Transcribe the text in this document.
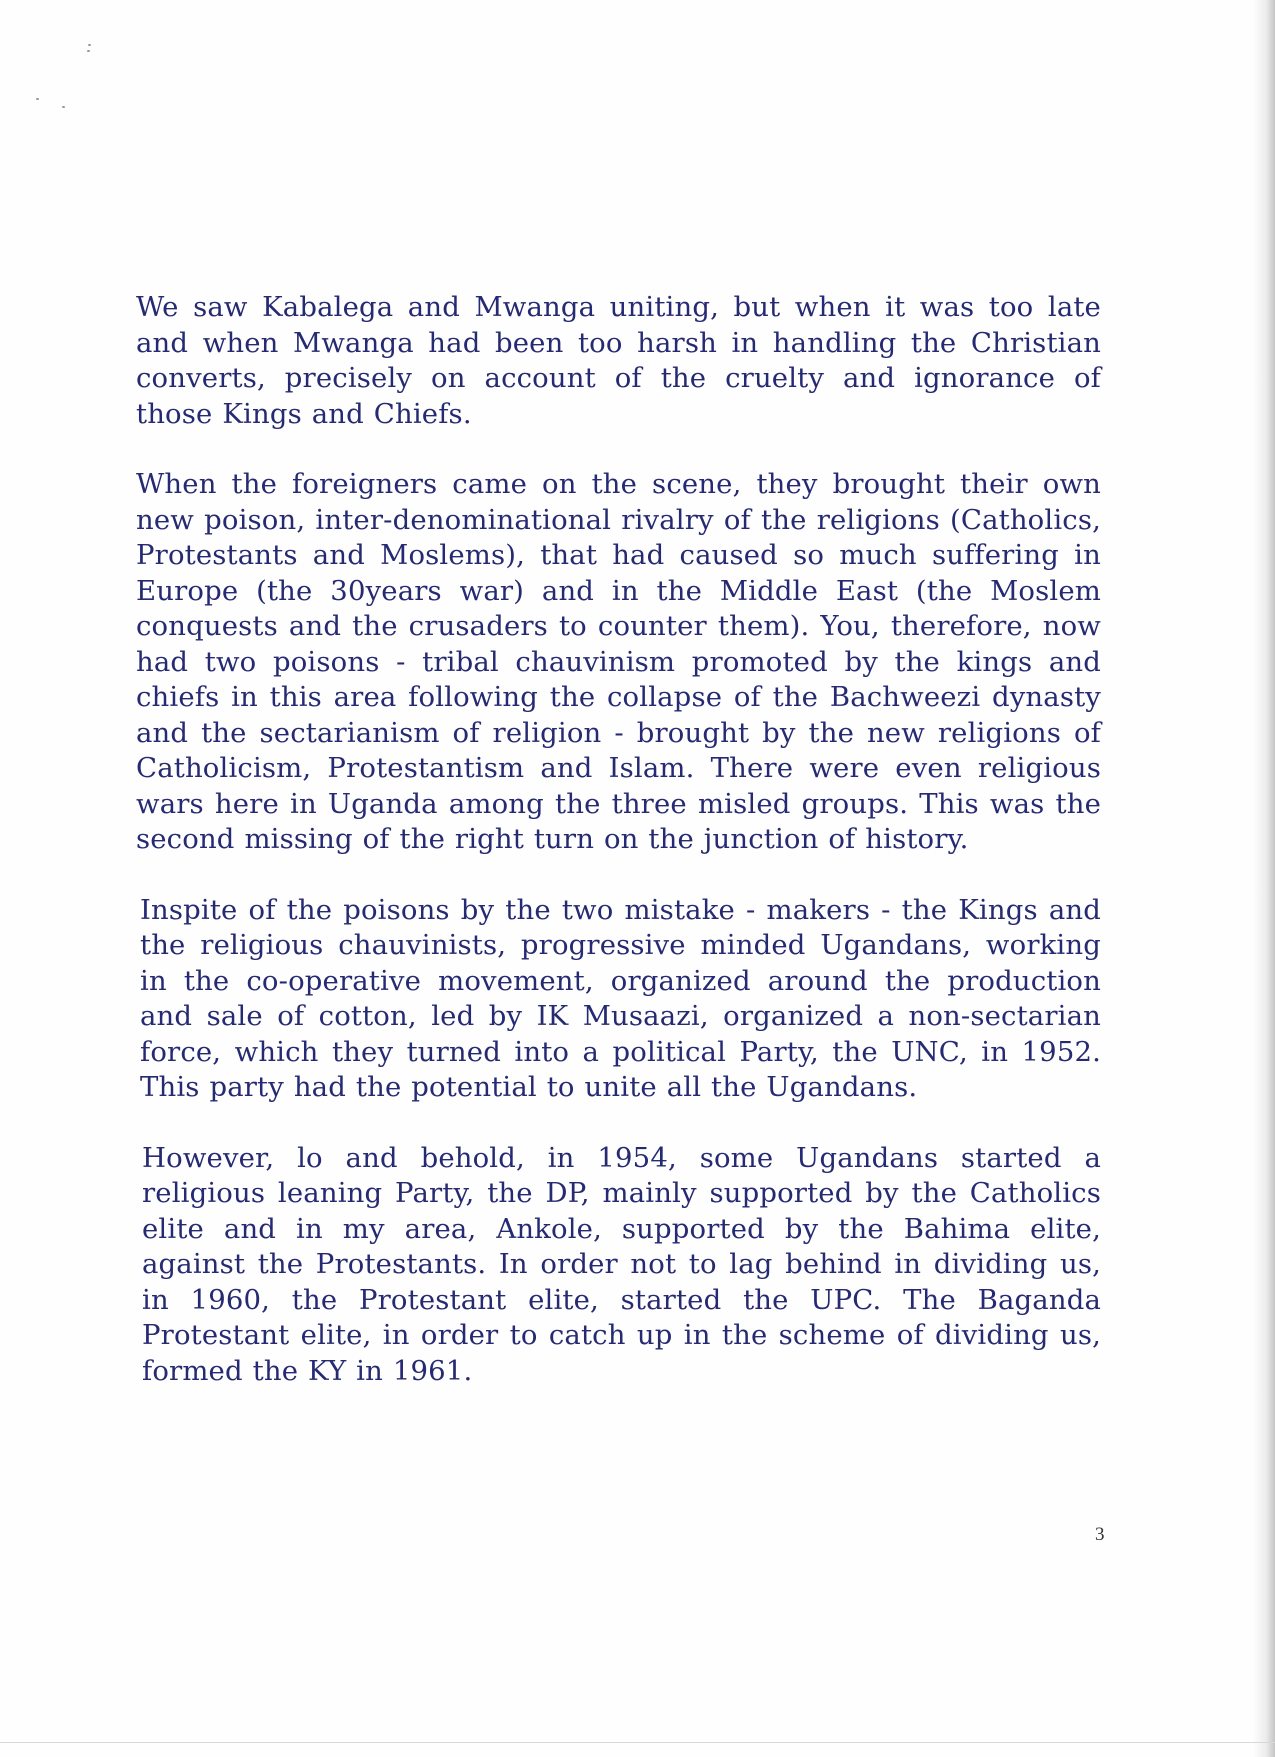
We saw Kabalega and Mwanga uniting, but when it was too late and when Mwanga had been too harsh in handling the Christian converts, precisely on account of the cruelty and ignorance of those Kings and Chiefs.

When the foreigners came on the scene, they brought their own new poison, inter-denominational rivalry of the religions (Catholics, Protestants and Moslems), that had caused so much suffering in Europe (the 30years war) and in the Middle East (the Moslem conquests and the crusaders to counter them). You, therefore, now had two poisons - tribal chauvinism promoted by the kings and chiefs in this area following the collapse of the Bachweezi dynasty and the sectarianism of religion - brought by the new religions of Catholicism, Protestantism and Islam. There were even religious wars here in Uganda among the three misled groups. This was the second missing of the right turn on the junction of history.

Inspite of the poisons by the two mistake - makers - the Kings and the religious chauvinists, progressive minded Ugandans, working in the co-operative movement, organized around the production and sale of cotton, led by IK Musaazi, organized a non-sectarian force, which they turned into a political Party, the UNC, in 1952. This party had the potential to unite all the Ugandans.

However, lo and behold, in 1954, some Ugandans started a religious leaning Party, the DP, mainly supported by the Catholics elite and in my area, Ankole, supported by the Bahima elite, against the Protestants. In order not to lag behind in dividing us, in 1960, the Protestant elite, started the UPC. The Baganda Protestant elite, in order to catch up in the scheme of dividing us, formed the KY in 1961.

3
